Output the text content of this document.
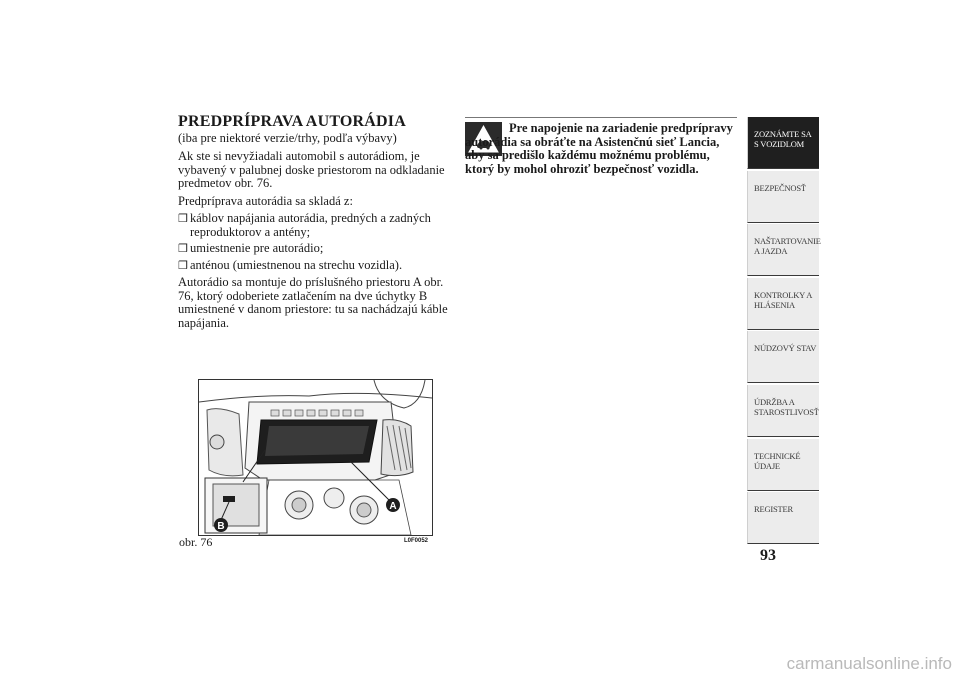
PREDPRÍPRAVA AUTORÁDIA

(iba pre niektoré verzie/trhy, podľa výbavy)

Ak ste si nevyžiadali automobil s autorádiom, je vybavený v palubnej doske priestorom na odkladanie predmetov obr. 76.

Predpríprava autorádia sa skladá z:

❒ káblov napájania autorádia, predných a zadných reproduktorov a antény;
❒ umiestnenie pre autorádio;
❒ anténou (umiestnenou na strechu vozidla).

Autorádio sa montuje do príslušného priestoru A obr. 76, ktorý odoberiete zatlačením na dve úchytky B umiestnené v danom priestore: tu sa nachádzajú káble napájania.

A
B
obr. 76	L0F0052
Pre napojenie na zariadenie predprípravy autorádia sa obráťte na Asistenčnú sieť Lancia, aby sa predišlo každému možnému problému, ktorý by mohol ohroziť bezpečnosť vozidla.
ZOZNÁMTE SA S VOZIDLOM
BEZPEČNOSŤ
NAŠTARTOVANIE A JAZDA
KONTROLKY A HLÁSENIA
NÚDZOVÝ STAV
ÚDRŽBA A STAROSTLIVOSŤ
TECHNICKÉ ÚDAJE
REGISTER
93
carmanualsonline.info
